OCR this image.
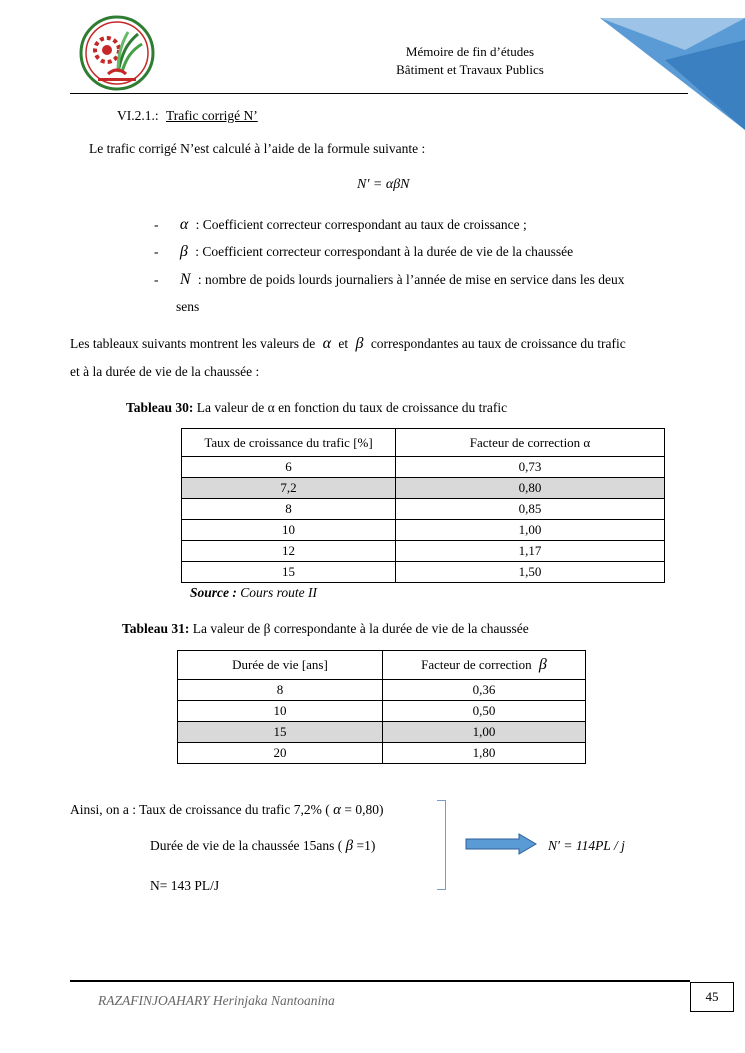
Mémoire de fin d’études
Bâtiment et Travaux Publics
VI.2.1.: Trafic corrigé N’
Le trafic corrigé N’est calculé à l’aide de la formule suivante :
N′ = αβN
- α : Coefficient correcteur correspondant au taux de croissance ;
- β : Coefficient correcteur correspondant à la durée de vie de la chaussée
- N : nombre de poids lourds journaliers à l’année de mise en service dans les deux
sens
Les tableaux suivants montrent les valeurs de α et β correspondantes au taux de croissance du trafic
et à la durée de vie de la chaussée :
Tableau 30: La valeur de α en fonction du taux de croissance du trafic
Taux de croissance du trafic [%]	Facteur de correction α
6	0,73
7,2	0,80
8	0,85
10	1,00
12	1,17
15	1,50
Source : Cours route II
Tableau 31: La valeur de β correspondante à la durée de vie de la chaussée
Durée de vie [ans]	Facteur de correction β
8	0,36
10	0,50
15	1,00
20	1,80
Ainsi, on a : Taux de croissance du trafic 7,2% ( α = 0,80)
Durée de vie de la chaussée 15ans ( β =1)
N= 143 PL/J
N′ = 114PL / j
RAZAFINJOAHARY Herinjaka Nantoanina	45
